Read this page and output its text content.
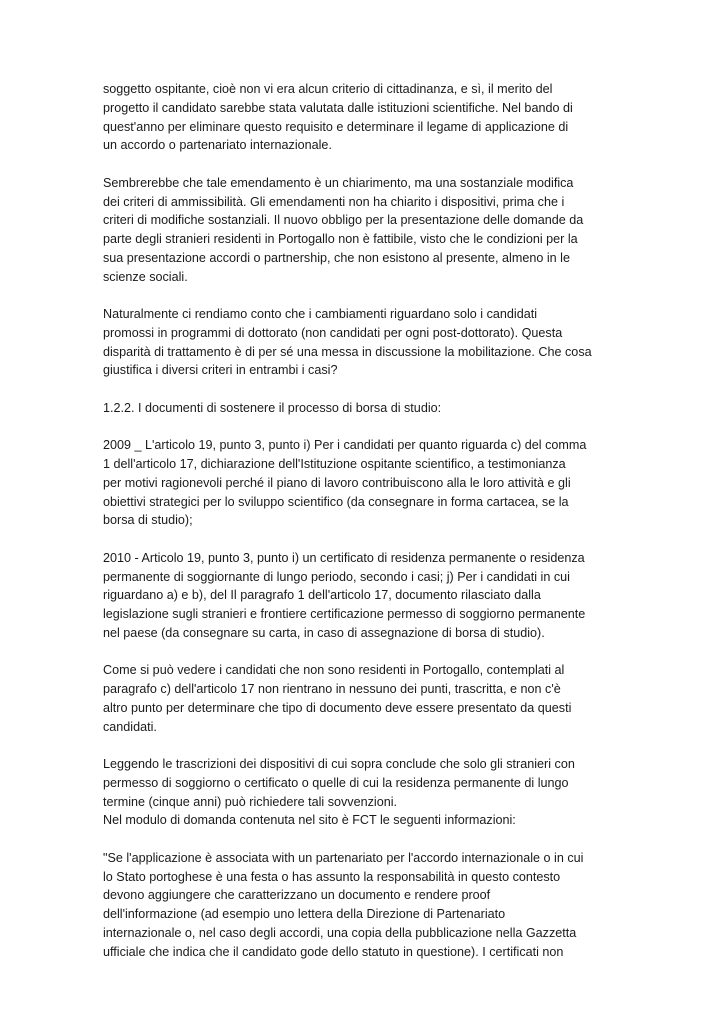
soggetto ospitante, cioè non vi era alcun criterio di cittadinanza, e sì, il merito del
progetto il candidato sarebbe stata valutata dalle istituzioni scientifiche. Nel bando di
quest'anno per eliminare questo requisito e determinare il legame di applicazione di
un accordo o partenariato internazionale.

Sembrerebbe che tale emendamento è un chiarimento, ma una sostanziale modifica
dei criteri di ammissibilità. Gli emendamenti non ha chiarito i dispositivi, prima che i
criteri di modifiche sostanziali. Il nuovo obbligo per la presentazione delle domande da
parte degli stranieri residenti in Portogallo non è fattibile, visto che le condizioni per la
sua presentazione accordi o partnership, che non esistono al presente, almeno in le
scienze sociali.

Naturalmente ci rendiamo conto che i cambiamenti riguardano solo i candidati
promossi in programmi di dottorato (non candidati per ogni post-dottorato). Questa
disparità di trattamento è di per sé una messa in discussione la mobilitazione. Che cosa
giustifica i diversi criteri in entrambi i casi?

1.2.2. I documenti di sostenere il processo di borsa di studio:

2009 _ L'articolo 19, punto 3, punto i) Per i candidati per quanto riguarda c) del comma
1 dell'articolo 17, dichiarazione dell'Istituzione ospitante scientifico, a testimonianza
per motivi ragionevoli perché il piano di lavoro contribuiscono alla le loro attività e gli
obiettivi strategici per lo sviluppo scientifico (da consegnare in forma cartacea, se la
borsa di studio);

2010 - Articolo 19, punto 3, punto i) un certificato di residenza permanente o residenza
permanente di soggiornante di lungo periodo, secondo i casi; j) Per i candidati in cui
riguardano a) e b), del Il paragrafo 1 dell'articolo 17, documento rilasciato dalla
legislazione sugli stranieri e frontiere certificazione permesso di soggiorno permanente
nel paese (da consegnare su carta, in caso di assegnazione di borsa di studio).

Come si può vedere i candidati che non sono residenti in Portogallo, contemplati al
paragrafo c) dell'articolo 17 non rientrano in nessuno dei punti, trascritta, e non c'è
altro punto per determinare che tipo di documento deve essere presentato da questi
candidati.

Leggendo le trascrizioni dei dispositivi di cui sopra conclude che solo gli stranieri con
permesso di soggiorno o certificato o quelle di cui la residenza permanente di lungo
termine (cinque anni) può richiedere tali sovvenzioni.

Nel modulo di domanda contenuta nel sito è FCT le seguenti informazioni:

"Se l'applicazione è associata with un partenariato per l'accordo internazionale o in cui
lo Stato portoghese è una festa o has assunto la responsabilità in questo contesto
devono aggiungere che caratterizzano un documento e rendere proof
dell'informazione (ad esempio uno lettera della Direzione di Partenariato
internazionale o, nel caso degli accordi, una copia della pubblicazione nella Gazzetta
ufficiale che indica che il candidato gode dello statuto in questione). I certificati non
